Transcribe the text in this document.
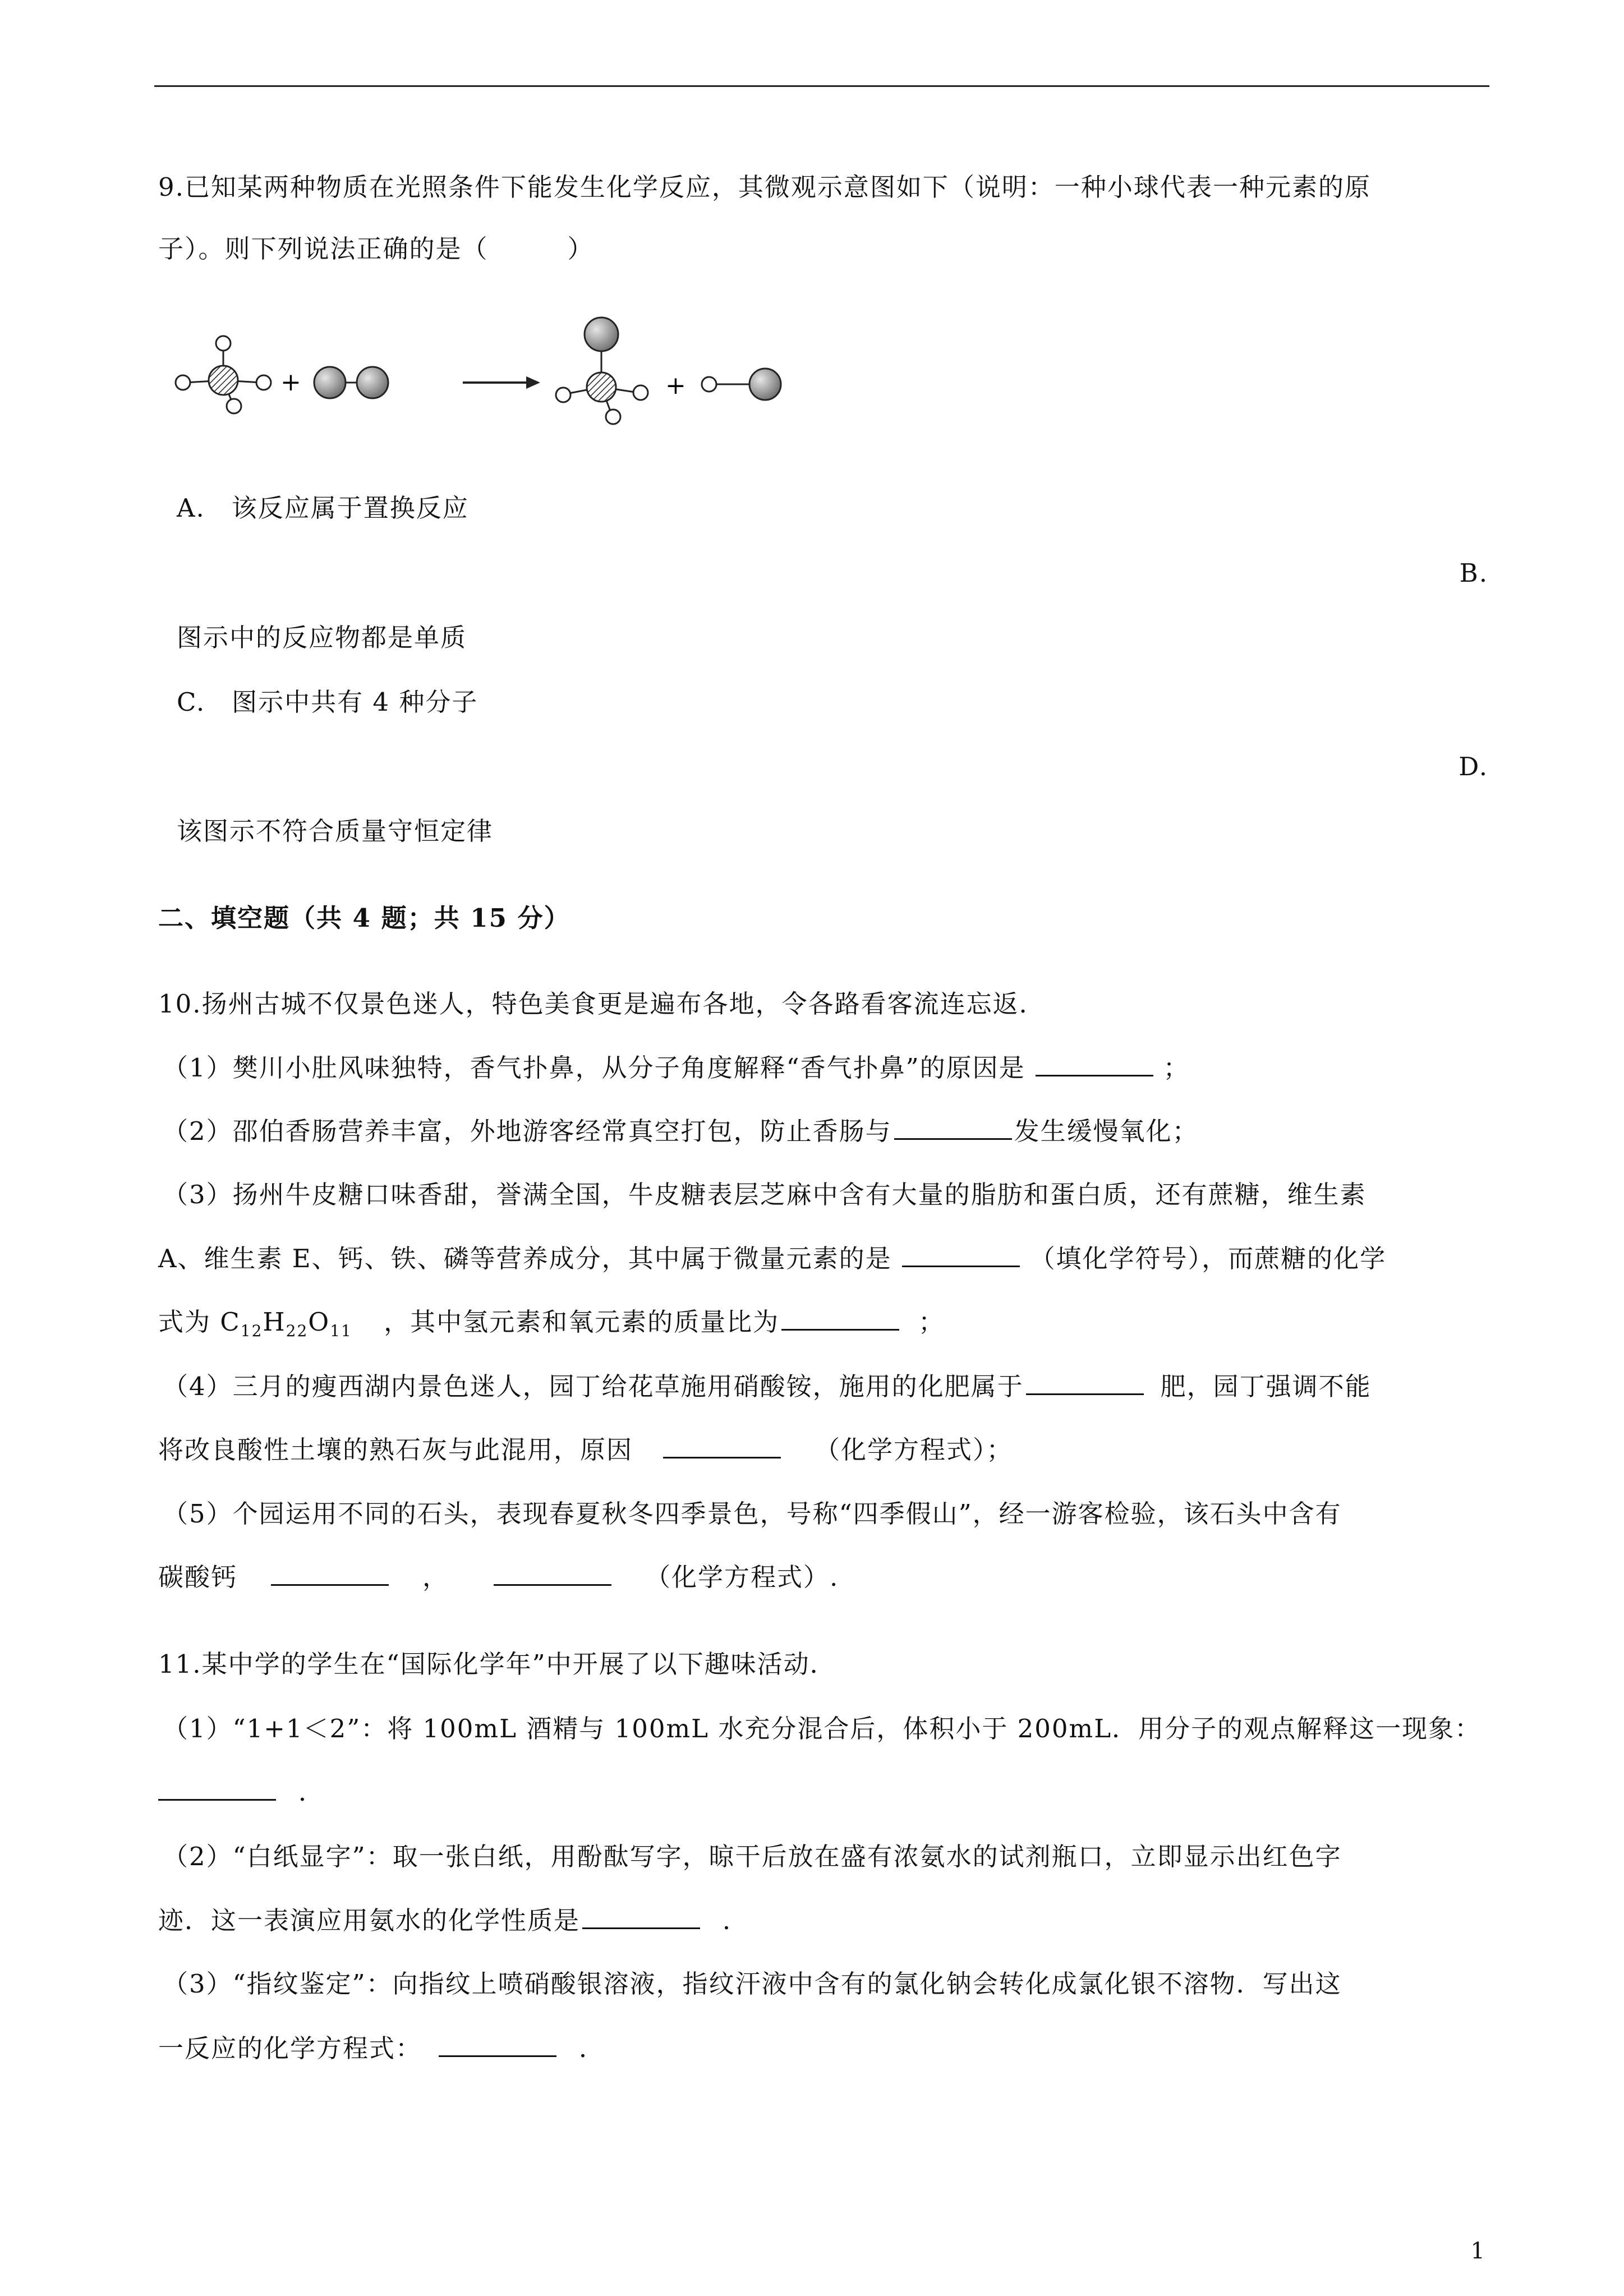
9.已知某两种物质在光照条件下能发生化学反应，其微观示意图如下（说明：一种小球代表一种元素的原
子）。则下列说法正确的是（　　　）
+	+
A.　该反应属于置换反应
B.
图示中的反应物都是单质
C.　图示中共有 4 种分子
D.
该图示不符合质量守恒定律
二、填空题（共 4 题；共 15 分）
10.扬州古城不仅景色迷人，特色美食更是遍布各地，令各路看客流连忘返．
（1）樊川小肚风味独特，香气扑鼻，从分子角度解释“香气扑鼻”的原因是	；
（2）邵伯香肠营养丰富，外地游客经常真空打包，防止香肠与	发生缓慢氧化；
（3）扬州牛皮糖口味香甜，誉满全国，牛皮糖表层芝麻中含有大量的脂肪和蛋白质，还有蔗糖，维生素
A、维生素 E、钙、铁、磷等营养成分，其中属于微量元素的是	（填化学符号），而蔗糖的化学
式为 $C_{12}H_{22}O_{11}$ ，其中氢元素和氧元素的质量比为	；
（4）三月的瘦西湖内景色迷人，园丁给花草施用硝酸铵，施用的化肥属于	肥，园丁强调不能
将改良酸性土壤的熟石灰与此混用，原因	（化学方程式）；
（5）个园运用不同的石头，表现春夏秋冬四季景色，号称“四季假山”，经一游客检验，该石头中含有
碳酸钙	，	（化学方程式）.
11.某中学的学生在“国际化学年”中开展了以下趣味活动．
（1）“1+1＜2”：将 100mL 酒精与 100mL 水充分混合后，体积小于 200mL．用分子的观点解释这一现象：
．
（2）“白纸显字”：取一张白纸，用酚酞写字，晾干后放在盛有浓氨水的试剂瓶口，立即显示出红色字
迹．这一表演应用氨水的化学性质是	．
（3）“指纹鉴定”：向指纹上喷硝酸银溶液，指纹汗液中含有的氯化钠会转化成氯化银不溶物．写出这
一反应的化学方程式：	．
1
